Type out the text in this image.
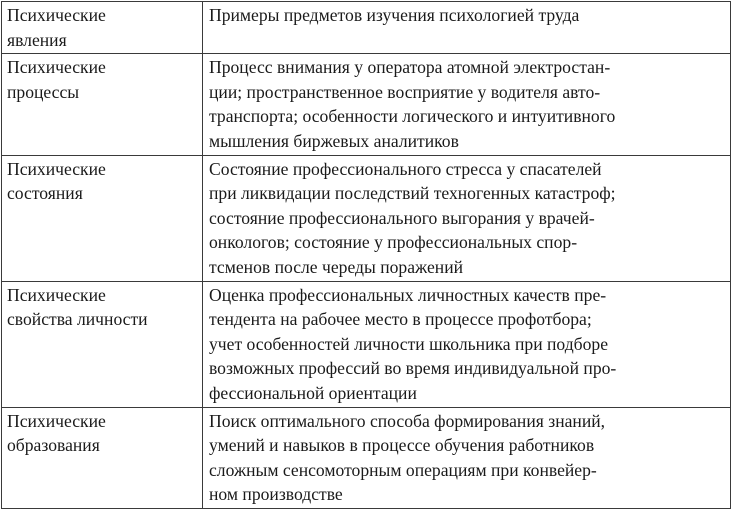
Психические
явления	Примеры предметов изучения психологией труда
Психические
процессы	Процесс внимания у оператора атомной электростан-
ции; пространственное восприятие у водителя авто-
транспорта; особенности логического и интуитивного
мышления биржевых аналитиков
Психические
состояния	Состояние профессионального стресса у спасателей
при ликвидации последствий техногенных катастроф;
состояние профессионального выгорания у врачей-
онкологов; состояние у профессиональных спор-
тсменов после череды поражений
Психические
свойства личности	Оценка профессиональных личностных качеств пре-
тендента на рабочее место в процессе профотбора;
учет особенностей личности школьника при подборе
возможных профессий во время индивидуальной про-
фессиональной ориентации
Психические
образования	Поиск оптимального способа формирования знаний,
умений и навыков в процессе обучения работников
сложным сенсомоторным операциям при конвейер-
ном производстве
